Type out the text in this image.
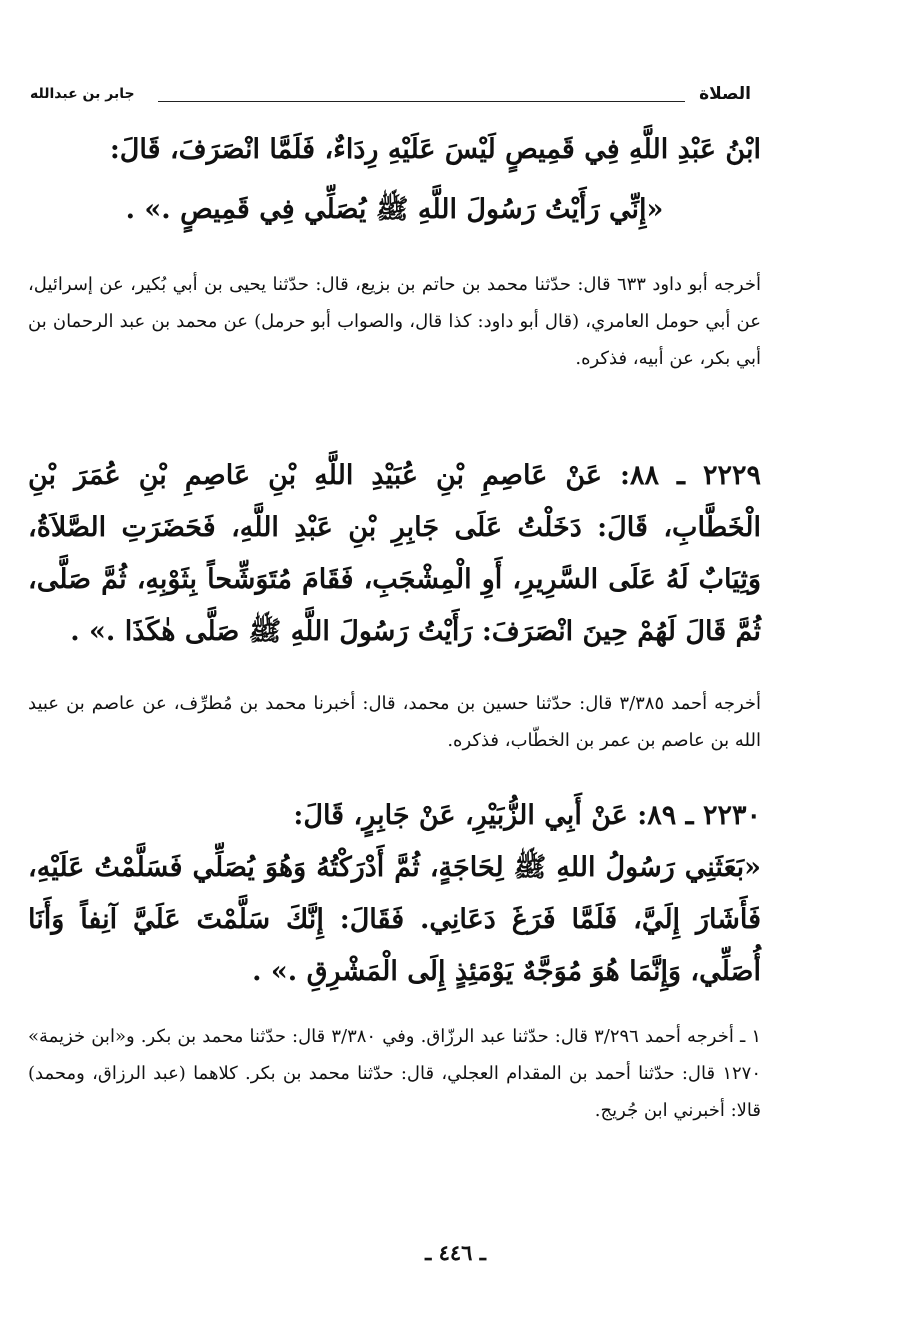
الصلاة
جابر بن عبدالله
ابْنُ عَبْدِ اللَّهِ فِي قَمِيصٍ لَيْسَ عَلَيْهِ رِدَاءٌ، فَلَمَّا انْصَرَفَ، قَالَ:
«إِنِّي رَأَيْتُ رَسُولَ اللَّهِ ﷺ يُصَلِّي فِي قَمِيصٍ .» .
أخرجه أبو داود ٦٣٣ قال: حدّثنا محمد بن حاتم بن بزيع، قال: حدّثنا يحيى بن أبي بُكير، عن إسرائيل، عن أبي حومل العامري، (قال أبو داود: كذا قال، والصواب أبو حرمل) عن محمد بن عبد الرحمان بن أبي بكر، عن أبيه، فذكره.
٢٢٢٩ ـ ٨٨: عَنْ عَاصِمِ بْنِ عُبَيْدِ اللَّهِ بْنِ عَاصِمِ بْنِ عُمَرَ بْنِ الْخَطَّابِ، قَالَ: دَخَلْتُ عَلَى جَابِرِ بْنِ عَبْدِ اللَّهِ، فَحَضَرَتِ الصَّلاَةُ، وَثِيَابٌ لَهُ عَلَى السَّرِيرِ، أَوِ الْمِشْجَبِ، فَقَامَ مُتَوَشِّحاً بِثَوْبِهِ، ثُمَّ صَلَّى، ثُمَّ قَالَ لَهُمْ حِينَ انْصَرَفَ: رَأَيْتُ رَسُولَ اللَّهِ ﷺ صَلَّى هٰكَذَا .» .
أخرجه أحمد ٣/٣٨٥ قال: حدّثنا حسين بن محمد، قال: أخبرنا محمد بن مُطرِّف، عن عاصم بن عبيد الله بن عاصم بن عمر بن الخطّاب، فذكره.
٢٢٣٠ ـ ٨٩: عَنْ أَبِي الزُّبَيْرِ، عَنْ جَابِرٍ، قَالَ:
«بَعَثَنِي رَسُولُ اللهِ ﷺ لِحَاجَةٍ، ثُمَّ أَدْرَكْتُهُ وَهُوَ يُصَلِّي فَسَلَّمْتُ عَلَيْهِ، فَأَشَارَ إِلَيَّ، فَلَمَّا فَرَغَ دَعَانِي. فَقَالَ: إِنَّكَ سَلَّمْتَ عَلَيَّ آنِفاً وَأَنَا أُصَلِّي، وَإِنَّمَا هُوَ مُوَجَّهٌ يَوْمَئِذٍ إِلَى الْمَشْرِقِ .» .
١ ـ أخرجه أحمد ٣/٢٩٦ قال: حدّثنا عبد الرزّاق. وفي ٣/٣٨٠ قال: حدّثنا محمد بن بكر. و«ابن خزيمة» ١٢٧٠ قال: حدّثنا أحمد بن المقدام العجلي، قال: حدّثنا محمد بن بكر. كلاهما (عبد الرزاق، ومحمد) قالا: أخبرني ابن جُريج.
ـ ٤٤٦ ـ
